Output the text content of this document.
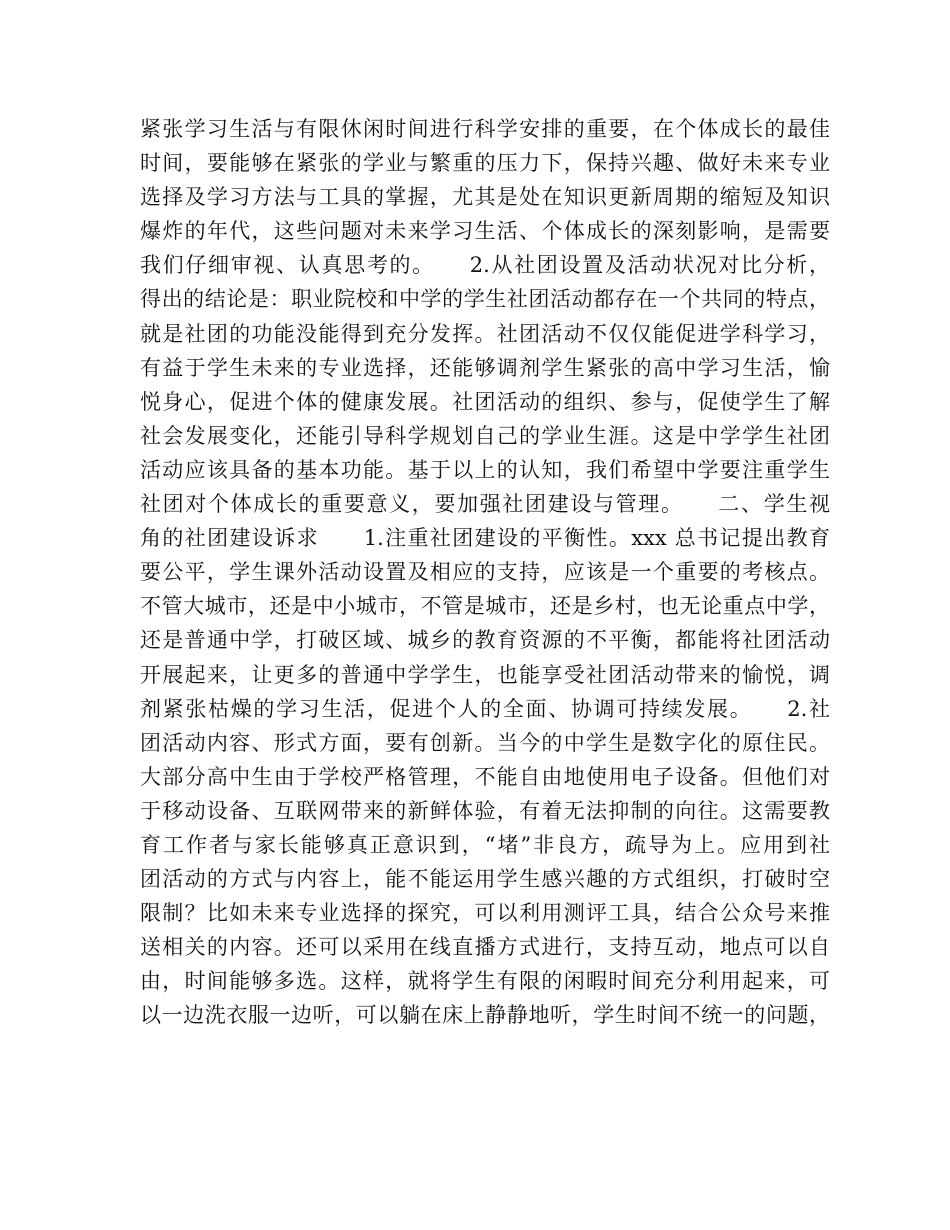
紧张学习生活与有限休闲时间进行科学安排的重要，在个体成长的最佳
时间，要能够在紧张的学业与繁重的压力下，保持兴趣、做好未来专业
选择及学习方法与工具的掌握，尤其是处在知识更新周期的缩短及知识
爆炸的年代，这些问题对未来学习生活、个体成长的深刻影响，是需要
我们仔细审视、认真思考的。　　2.从社团设置及活动状况对比分析，
得出的结论是：职业院校和中学的学生社团活动都存在一个共同的特点，
就是社团的功能没能得到充分发挥。社团活动不仅仅能促进学科学习，
有益于学生未来的专业选择，还能够调剂学生紧张的高中学习生活，愉
悦身心，促进个体的健康发展。社团活动的组织、参与，促使学生了解
社会发展变化，还能引导科学规划自己的学业生涯。这是中学学生社团
活动应该具备的基本功能。基于以上的认知，我们希望中学要注重学生
社团对个体成长的重要意义，要加强社团建设与管理。　　二、学生视
角的社团建设诉求　　1.注重社团建设的平衡性。xxx 总书记提出教育
要公平，学生课外活动设置及相应的支持，应该是一个重要的考核点。
不管大城市，还是中小城市，不管是城市，还是乡村，也无论重点中学，
还是普通中学，打破区域、城乡的教育资源的不平衡，都能将社团活动
开展起来，让更多的普通中学学生，也能享受社团活动带来的愉悦，调
剂紧张枯燥的学习生活，促进个人的全面、协调可持续发展。　　2.社
团活动内容、形式方面，要有创新。当今的中学生是数字化的原住民。
大部分高中生由于学校严格管理，不能自由地使用电子设备。但他们对
于移动设备、互联网带来的新鲜体验，有着无法抑制的向往。这需要教
育工作者与家长能够真正意识到，“堵”非良方，疏导为上。应用到社
团活动的方式与内容上，能不能运用学生感兴趣的方式组织，打破时空
限制？比如未来专业选择的探究，可以利用测评工具，结合公众号来推
送相关的内容。还可以采用在线直播方式进行，支持互动，地点可以自
由，时间能够多选。这样，就将学生有限的闲暇时间充分利用起来，可
以一边洗衣服一边听，可以躺在床上静静地听，学生时间不统一的问题，
